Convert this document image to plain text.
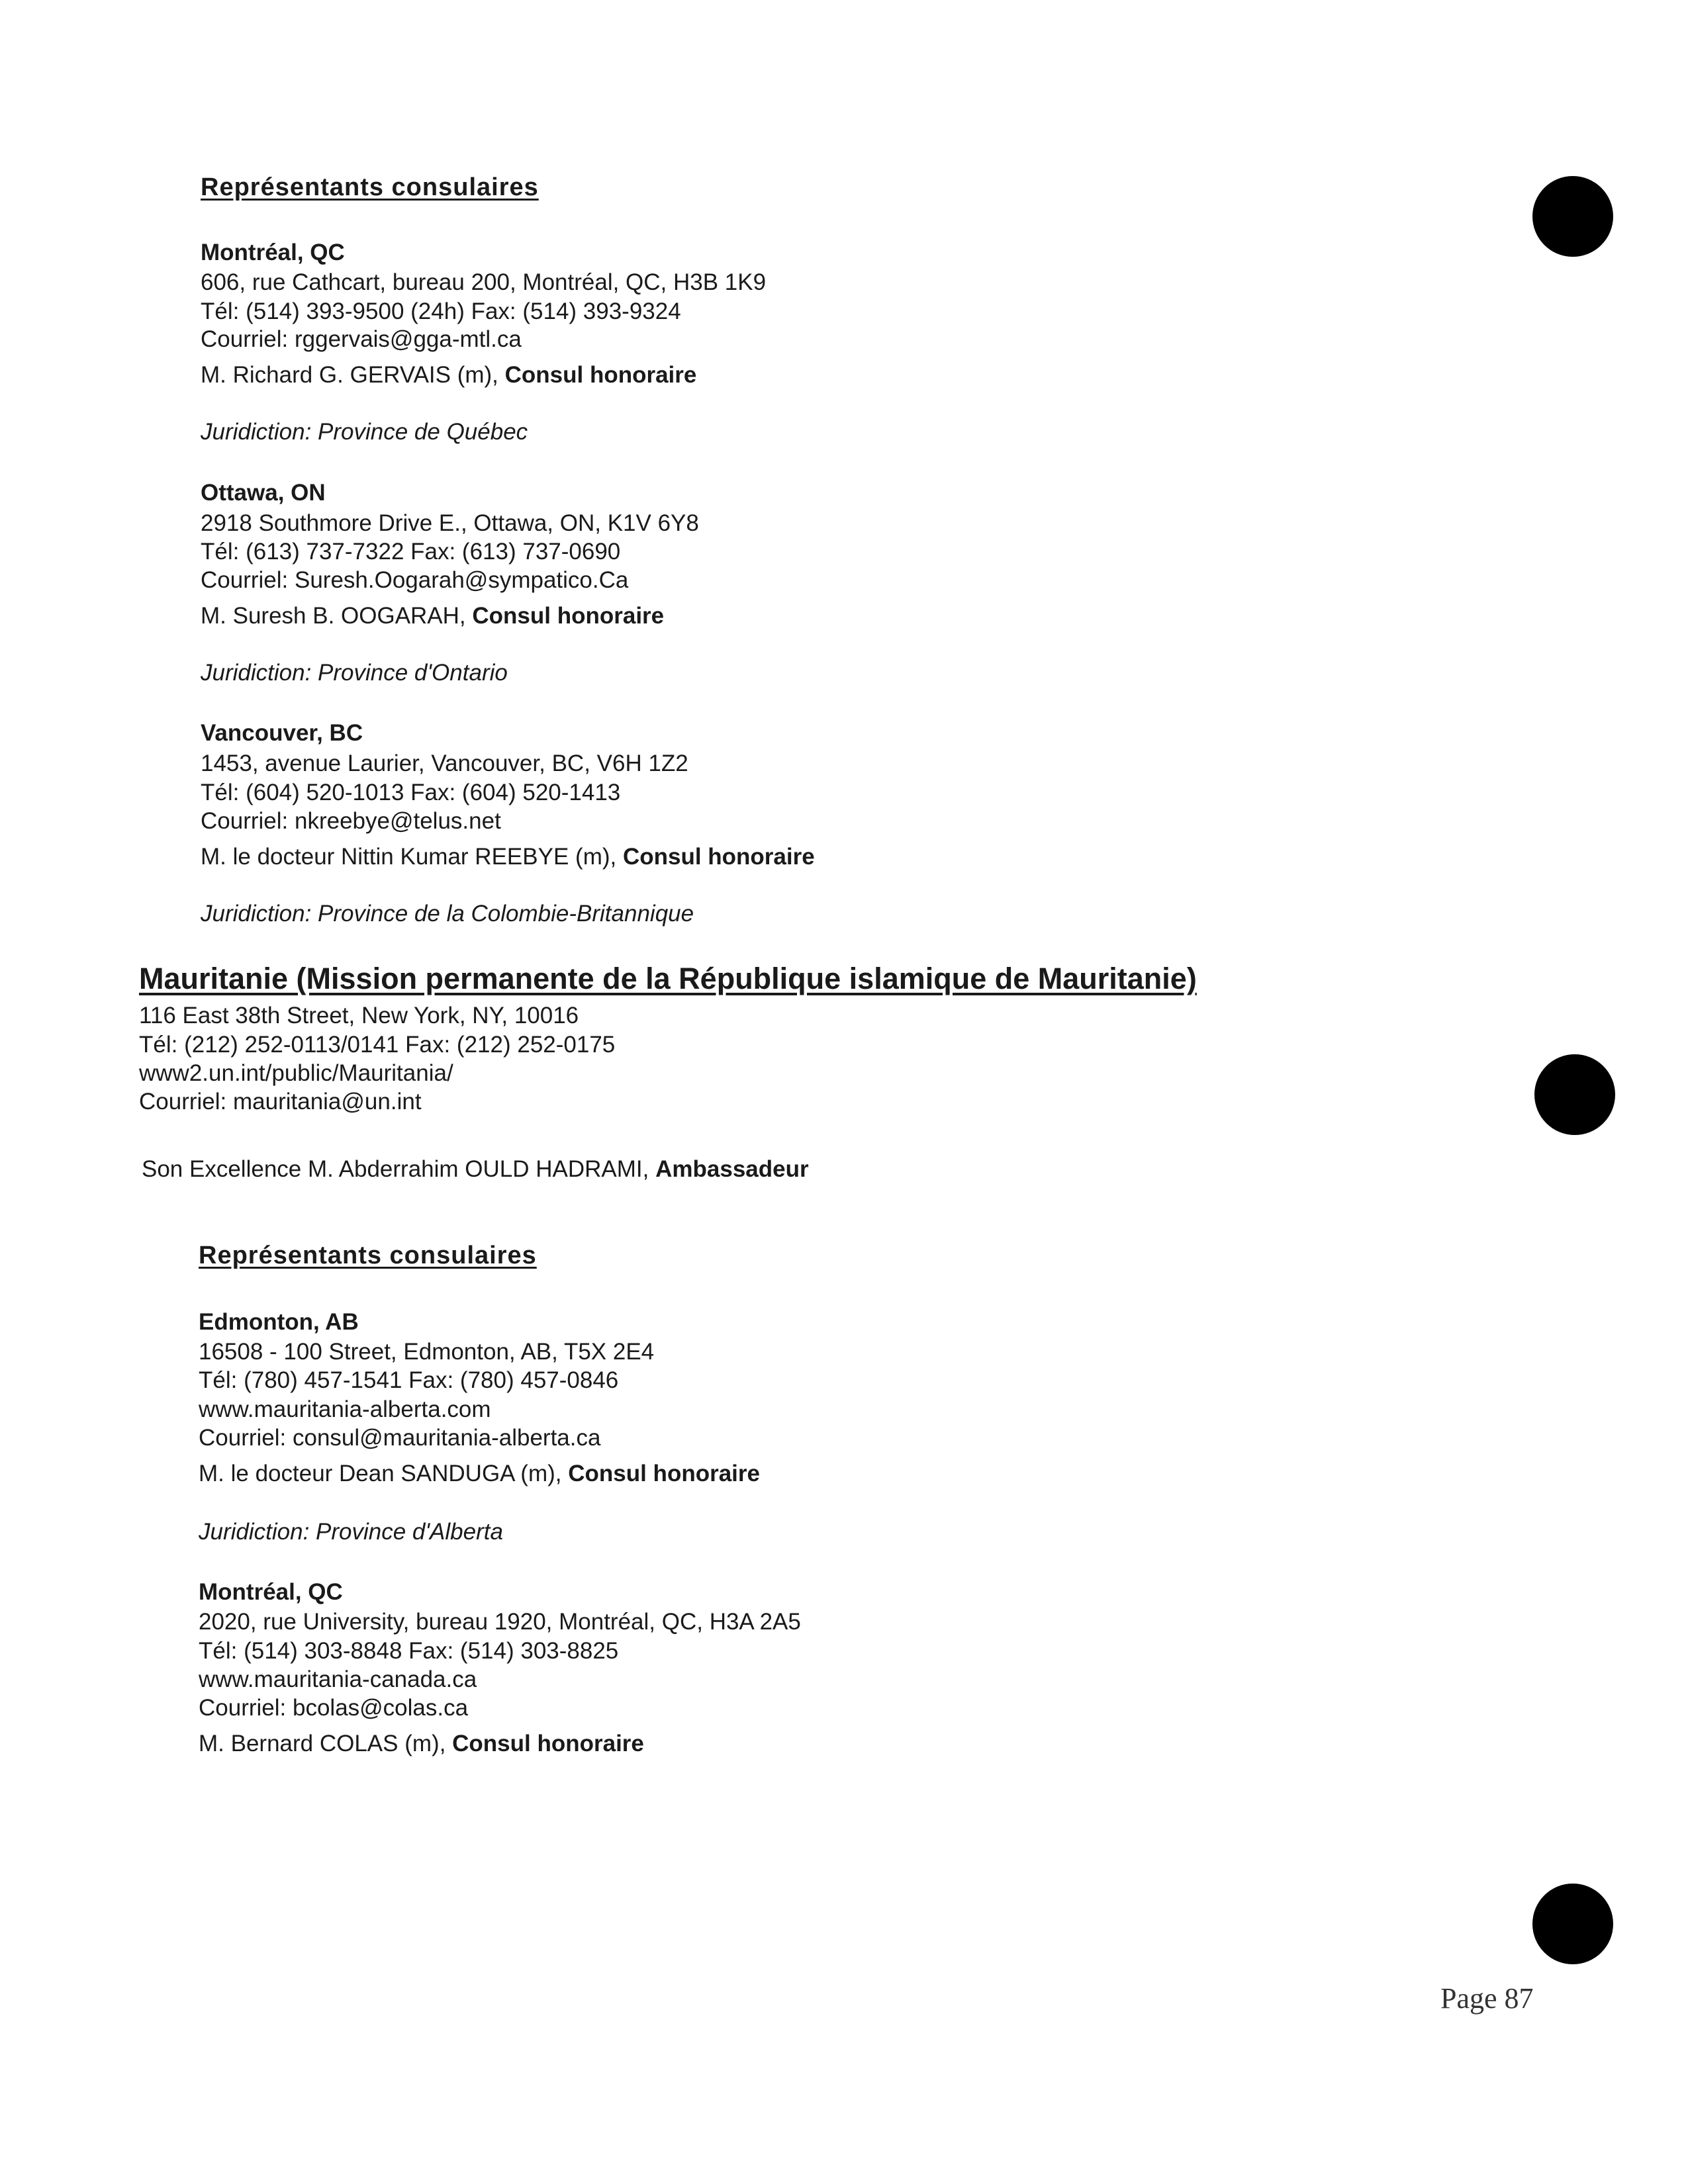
Représentants consulaires
Montréal, QC
606, rue Cathcart, bureau 200, Montréal, QC, H3B 1K9
Tél: (514) 393-9500 (24h) Fax: (514) 393-9324
Courriel: rggervais@gga-mtl.ca
M. Richard G. GERVAIS (m), Consul honoraire
Juridiction: Province de Québec
Ottawa, ON
2918 Southmore Drive E., Ottawa, ON, K1V 6Y8
Tél: (613) 737-7322 Fax: (613) 737-0690
Courriel: Suresh.Oogarah@sympatico.Ca
M. Suresh B. OOGARAH, Consul honoraire
Juridiction: Province d'Ontario
Vancouver, BC
1453, avenue Laurier, Vancouver, BC, V6H 1Z2
Tél: (604) 520-1013 Fax: (604) 520-1413
Courriel: nkreebye@telus.net
M. le docteur Nittin Kumar REEBYE (m), Consul honoraire
Juridiction: Province de la Colombie-Britannique
Mauritanie (Mission permanente de la République islamique de Mauritanie)
116 East 38th Street, New York, NY, 10016
Tél: (212) 252-0113/0141 Fax: (212) 252-0175
www2.un.int/public/Mauritania/
Courriel: mauritania@un.int
Son Excellence M. Abderrahim OULD HADRAMI, Ambassadeur
Représentants consulaires
Edmonton, AB
16508 - 100 Street, Edmonton, AB, T5X 2E4
Tél: (780) 457-1541 Fax: (780) 457-0846
www.mauritania-alberta.com
Courriel: consul@mauritania-alberta.ca
M. le docteur Dean SANDUGA (m), Consul honoraire
Juridiction: Province d'Alberta
Montréal, QC
2020, rue University, bureau 1920, Montréal, QC, H3A 2A5
Tél: (514) 303-8848 Fax: (514) 303-8825
www.mauritania-canada.ca
Courriel: bcolas@colas.ca
M. Bernard COLAS (m), Consul honoraire
Page 87
